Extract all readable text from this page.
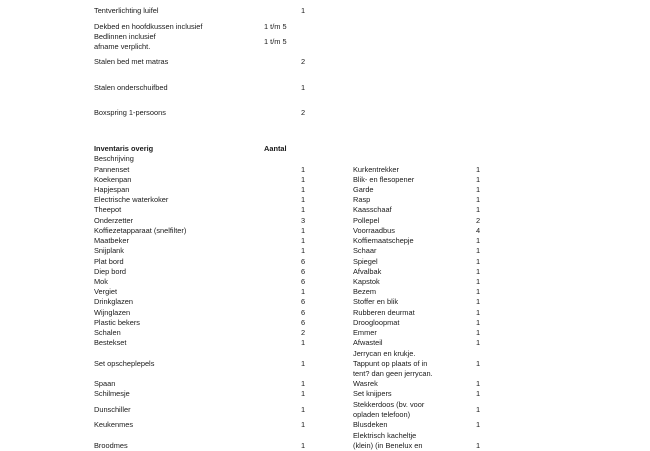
Tentverlichting luifel	1
Dekbed en hoofdkussen inclusief	1 t/m 5
Bedlinnen inclusief
afname verplicht.
1 t/m 5
Stalen bed met matras	2
Stalen onderschuifbed	1
Boxspring 1-persoons	2
Inventaris overig	Aantal
Beschrijving
Pannenset	1
Koekenpan	1
Hapjespan	1
Electrische waterkoker	1
Theepot	1
Onderzetter	3
Koffiezetapparaat (snelfilter)	1
Maatbeker	1
Snijplank	1
Plat bord	6
Diep bord	6
Mok	6
Vergiet	1
Drinkglazen	6
Wijnglazen	6
Plastic bekers	6
Schalen	2
Bestekset	1
Set opscheplepels	1
Spaan	1
Schilmesje	1
Dunschiller	1
Keukenmes	1
Broodmes	1
Kurkentrekker	1
Blik- en flesopener	1
Garde	1
Rasp	1
Kaasschaaf	1
Pollepel	2
Voorraadbus	4
Koffiemaatschepje	1
Schaar	1
Spiegel	1
Afvalbak	1
Kapstok	1
Bezem	1
Stoffer en blik	1
Rubberen deurmat	1
Droogloopmat	1
Emmer	1
Afwasteil	1
Jerrycan en krukje.
Tappunt op plaats of in
tent? dan geen jerrycan.
1
Wasrek	1
Set knijpers	1
Stekkerdoos (bv. voor
opladen telefoon)
1
Blusdeken	1
Elektrisch kacheltje
(klein) (in Benelux en	1
